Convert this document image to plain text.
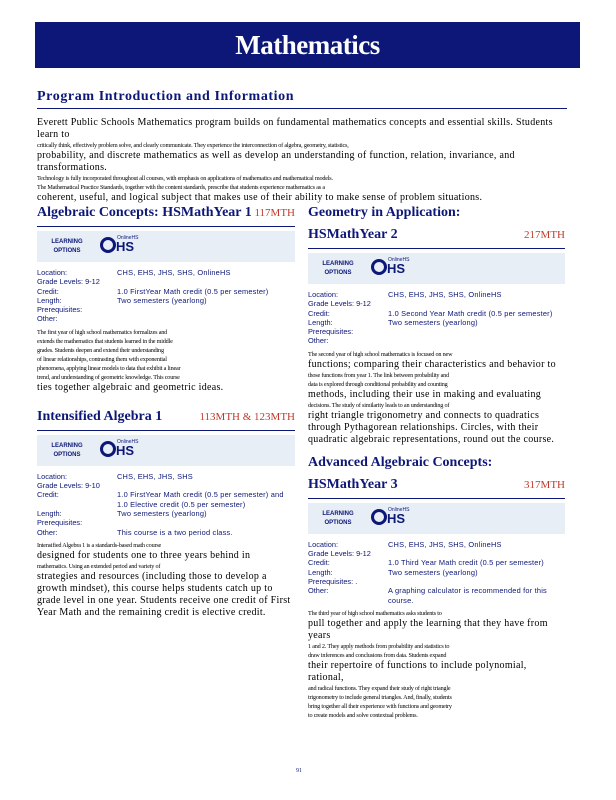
Mathematics
Program Introduction and Information
Everett Public Schools Mathematics program builds on fundamental mathematics concepts and essential skills. Students learn to
critically think, effectively problem solve, and clearly communicate. They experience the interconnection of algebra, geometry, statistics,
probability, and discrete mathematics as well as develop an understanding of function, relation, invariance, and transformations.
Technology is fully incorporated throughout all courses, with emphasis on applications of mathematics and mathematical models.
The Mathematical Practice Standards, together with the content standards, prescribe that students experience mathematics as a
coherent, useful, and logical subject that makes use of their ability to make sense of problem situations.
Algebraic Concepts: HSMathYear 1 117MTH
LEARNING
OPTIONS
OnlineHS
HS
Location:	CHS, EHS, JHS, SHS, OnlineHS
Grade Levels: 9-12
Credit:	1.0 FirstYear Math credit (0.5 per semester)
Length:	Two semesters (yearlong)
Prerequisites:
Other:
The first year of high school mathematics formalizes and
extends the mathematics that students learned in the middle
grades. Students deepen and extend their understanding
of linear relationships, contrasting them with exponential
phenomena, applying linear models to data that exhibit a linear
trend, and understanding of geometric knowledge. This course
ties together algebraic and geometric ideas.
Intensified Algebra 1	113MTH & 123MTH
LEARNING
OPTIONS
OnlineHS
HS
Location:	CHS, EHS, JHS, SHS
Grade Levels: 9-10
Credit:	1.0 FirstYear Math credit (0.5 per semester) and 1.0 Elective credit (0.5 per semester)
Length:	Two semesters (yearlong)
Prerequisites:
Other:	This course is a two period class.
Intensified Algebra 1 is a standards-based math course
designed for students one to three years behind in
mathematics. Using an extended period and variety of
strategies and resources (including those to develop a growth mindset), this course helps students catch up to grade level in one year. Students receive one credit of First Year Math and the remaining credit is elective credit.
Geometry in Application:
HSMathYear 2	217MTH
LEARNING
OPTIONS
OnlineHS
HS
Location:	CHS, EHS, JHS, SHS, OnlineHS
Grade Levels: 9-12
Credit:	1.0 Second Year Math credit (0.5 per semester)
Length:	Two semesters (yearlong)
Prerequisites:
Other:
The second year of high school mathematics is focused on new
functions; comparing their characteristics and behavior to
those functions from year 1. The link between probability and
data is explored through conditional probability and counting
methods, including their use in making and evaluating
decisions. The study of similarity leads to an understanding of
right triangle trigonometry and connects to quadratics through Pythagorean relationships. Circles, with their quadratic algebraic representations, round out the course.
Advanced Algebraic Concepts:
HSMathYear 3	317MTH
LEARNING
OPTIONS
OnlineHS
HS
Location:	CHS, EHS, JHS, SHS, OnlineHS
Grade Levels: 9-12
Credit:	1.0 Third Year Math credit (0.5 per semester)
Length:	Two semesters (yearlong)
Prerequisites: .
Other:	A graphing calculator is recommended for this course.
The third year of high school mathematics asks students to
pull together and apply the learning that they have from years
1 and 2. They apply methods from probability and statistics to
draw inferences and conclusions from data. Students expand
their repertoire of functions to include polynomial, rational,
and radical functions. They expand their study of right triangle
trigonometry to include general triangles. And, finally, students
bring together all their experience with functions and geometry
to create models and solve contextual problems.
91
